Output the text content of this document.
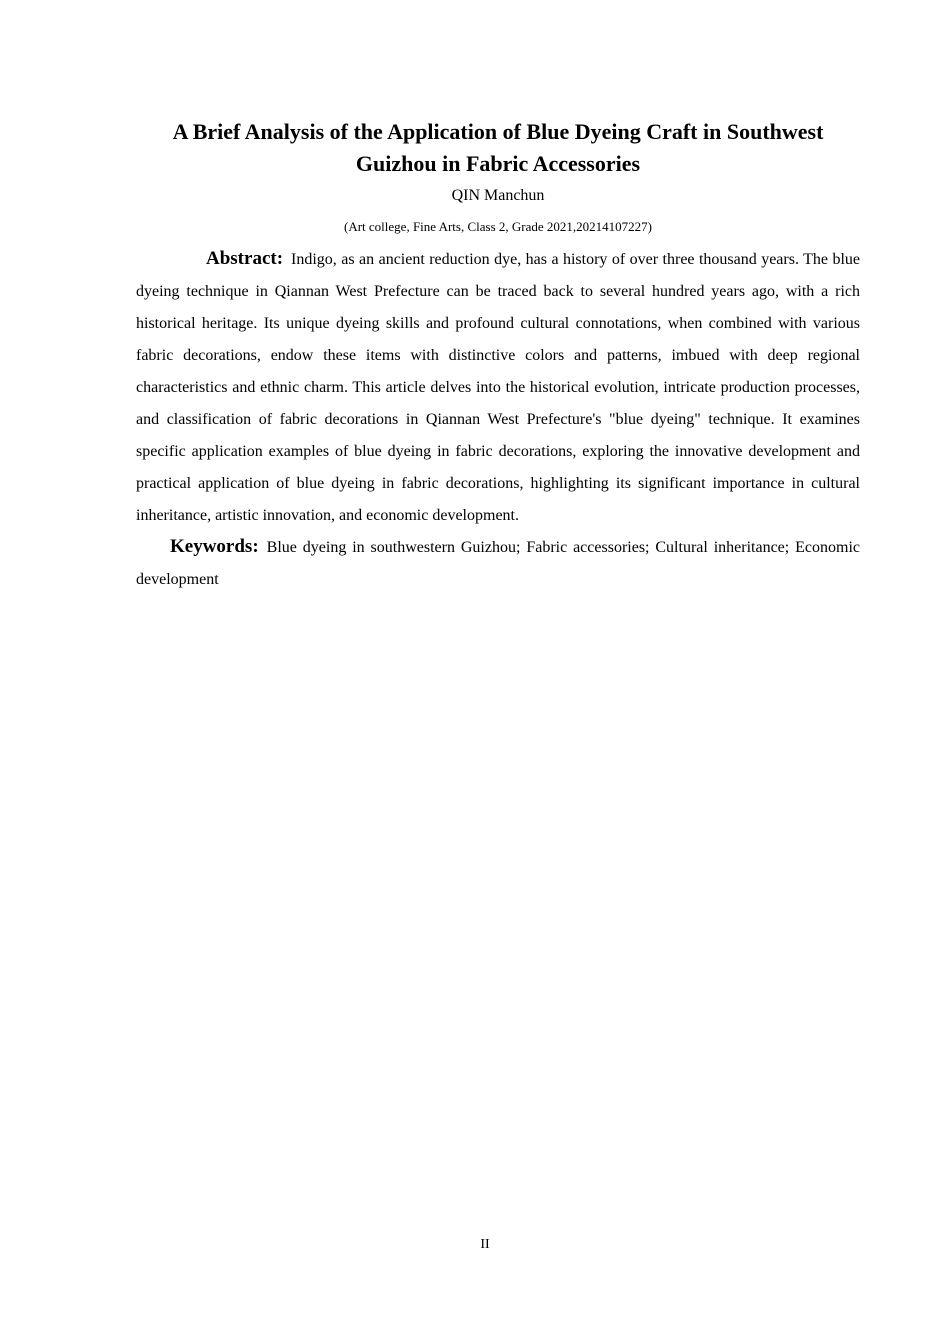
A Brief Analysis of the Application of Blue Dyeing Craft in Southwest Guizhou in Fabric Accessories
QIN Manchun
(Art college, Fine Arts, Class 2, Grade 2021,20214107227)

Abstract: Indigo, as an ancient reduction dye, has a history of over three thousand years. The blue dyeing technique in Qiannan West Prefecture can be traced back to several hundred years ago, with a rich historical heritage. Its unique dyeing skills and profound cultural connotations, when combined with various fabric decorations, endow these items with distinctive colors and patterns, imbued with deep regional characteristics and ethnic charm. This article delves into the historical evolution, intricate production processes, and classification of fabric decorations in Qiannan West Prefecture's "blue dyeing" technique. It examines specific application examples of blue dyeing in fabric decorations, exploring the innovative development and practical application of blue dyeing in fabric decorations, highlighting its significant importance in cultural inheritance, artistic innovation, and economic development.

Keywords: Blue dyeing in southwestern Guizhou; Fabric accessories; Cultural inheritance; Economic development

II
